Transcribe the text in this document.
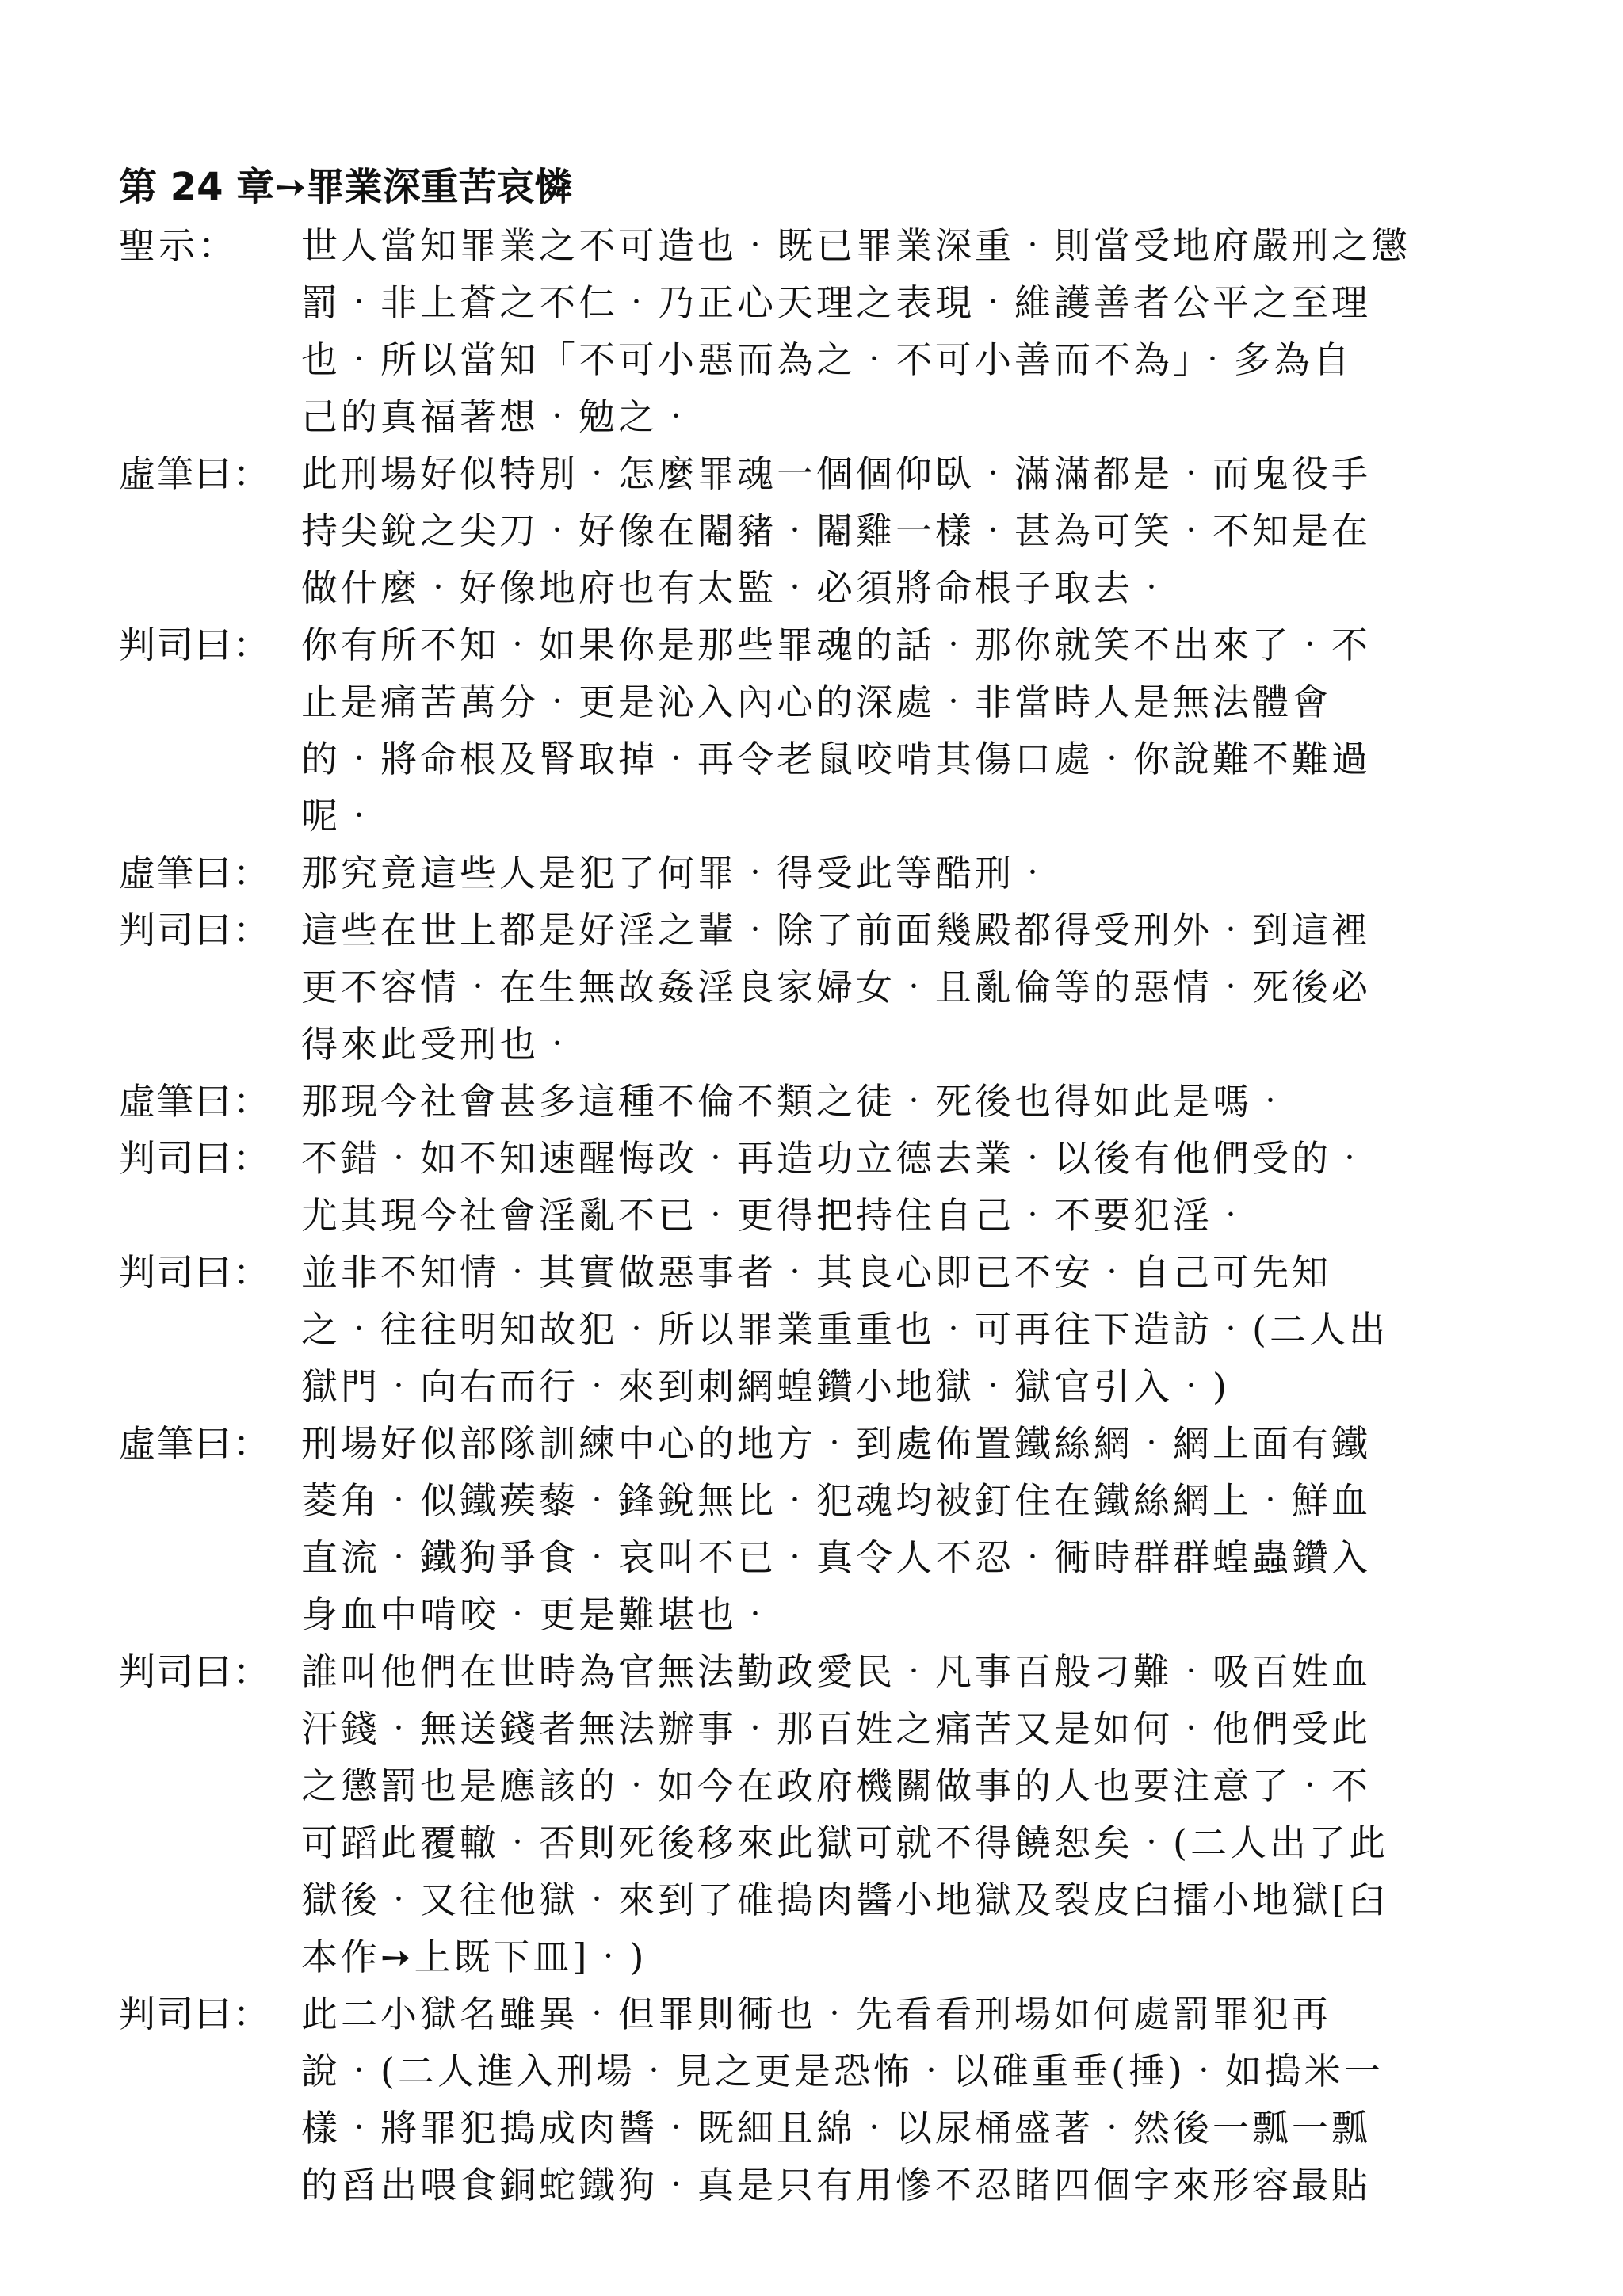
第 24 章➙罪業深重苦哀憐
聖示：	世人當知罪業之不可造也‧既已罪業深重‧則當受地府嚴刑之懲
罰‧非上蒼之不仁‧乃正心天理之表現‧維護善者公平之至理
也‧所以當知「不可小惡而為之‧不可小善而不為」‧多為自
己的真福著想‧勉之‧
虛筆曰： 此刑場好似特別‧怎麼罪魂一個個仰臥‧滿滿都是‧而鬼役手
持尖銳之尖刀‧好像在閹豬‧閹雞一樣‧甚為可笑‧不知是在
做什麼‧好像地府也有太監‧必須將命根子取去‧
判司曰： 你有所不知‧如果你是那些罪魂的話‧那你就笑不出來了‧不
止是痛苦萬分‧更是沁入內心的深處‧非當時人是無法體會
的‧將命根及腎取掉‧再令老鼠咬啃其傷口處‧你說難不難過
呢‧
虛筆曰： 那究竟這些人是犯了何罪‧得受此等酷刑‧
判司曰： 這些在世上都是好淫之輩‧除了前面幾殿都得受刑外‧到這裡
更不容情‧在生無故姦淫良家婦女‧且亂倫等的惡情‧死後必
得來此受刑也‧
虛筆曰： 那現今社會甚多這種不倫不類之徒‧死後也得如此是嗎‧
判司曰： 不錯‧如不知速醒悔改‧再造功立德去業‧以後有他們受的‧
尤其現今社會淫亂不已‧更得把持住自己‧不要犯淫‧
判司曰： 並非不知情‧其實做惡事者‧其良心即已不安‧自己可先知
之‧往往明知故犯‧所以罪業重重也‧可再往下造訪‧(二人出
獄門‧向右而行‧來到刺網蝗鑽小地獄‧獄官引入‧)
虛筆曰： 刑場好似部隊訓練中心的地方‧到處佈置鐵絲網‧網上面有鐵
菱角‧似鐵蒺藜‧鋒銳無比‧犯魂均被釘住在鐵絲網上‧鮮血
直流‧鐵狗爭食‧哀叫不已‧真令人不忍‧衕時群群蝗蟲鑽入
身血中啃咬‧更是難堪也‧
判司曰： 誰叫他們在世時為官無法勤政愛民‧凡事百般刁難‧吸百姓血
汗錢‧無送錢者無法辦事‧那百姓之痛苦又是如何‧他們受此
之懲罰也是應該的‧如今在政府機關做事的人也要注意了‧不
可蹈此覆轍‧否則死後移來此獄可就不得饒恕矣‧(二人出了此
獄後‧又往他獄‧來到了碓搗肉醬小地獄及裂皮臼擂小地獄[臼
本作➙上既下皿]‧)
判司曰： 此二小獄名雖異‧但罪則衕也‧先看看刑場如何處罰罪犯再
說‧(二人進入刑場‧見之更是恐怖‧以碓重垂(捶)‧如搗米一
樣‧將罪犯搗成肉醬‧既細且綿‧以尿桶盛著‧然後一瓢一瓢
的舀出喂食銅蛇鐵狗‧真是只有用慘不忍睹四個字來形容最貼
